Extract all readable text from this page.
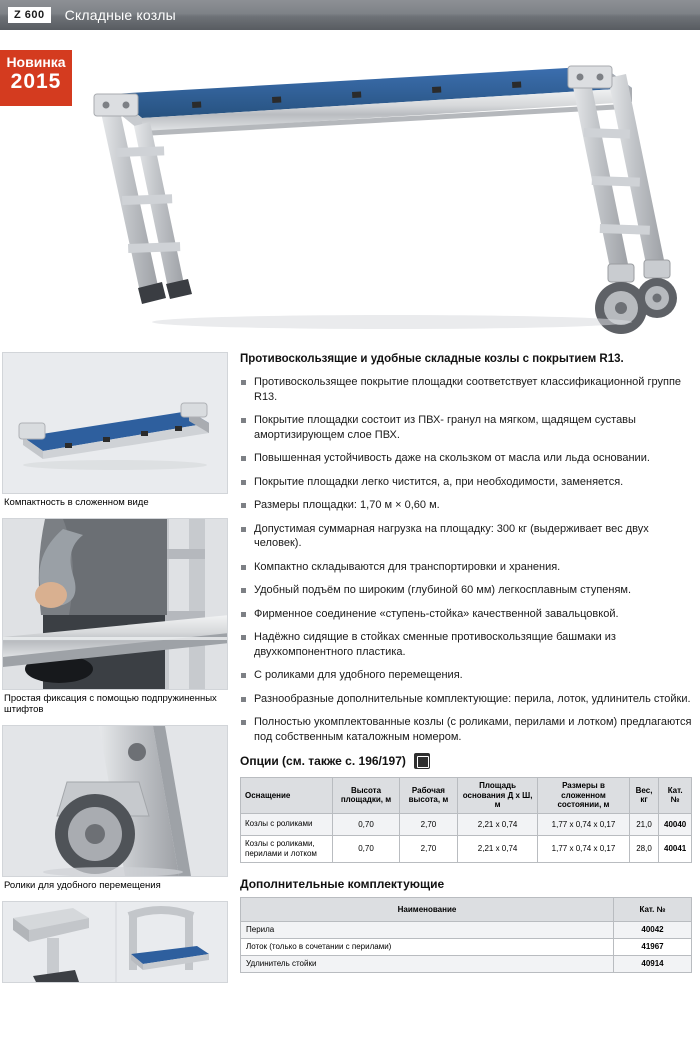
Z 600	Складные козлы
Новинка
2015
Компактность в сложенном виде
Простая фиксация с помощью подпружиненных штифтов
Ролики для удобного перемещения
Противоскользящие и удобные складные козлы с покрытием R13.
Противоскользящее покрытие площадки соответствует классификационной группе R13.
Покрытие площадки состоит из ПВХ- гранул на мягком, щадящем суставы амортизирующем слое ПВХ.
Повышенная устойчивость даже на скользком от масла или льда основании.
Покрытие площадки легко чистится, а, при необходимости, заменяется.
Размеры площадки: 1,70 м × 0,60 м.
Допустимая суммарная нагрузка на площадку: 300 кг (выдерживает вес двух человек).
Компактно складываются для транспортировки и хранения.
Удобный подъём по широким (глубиной 60 мм) легкосплавным ступеням.
Фирменное соединение «ступень-стойка» качественной завальцовкой.
Надёжно сидящие в стойках сменные противоскользящие башмаки из двухкомпонентного пластика.
С роликами для удобного перемещения.
Разнообразные дополнительные комплектующие: перила, лоток, удлинитель стойки.
Полностью укомплектованные козлы (с роликами, перилами и лотком) предлагаются под собственным каталожным номером.
Опции (см. также с. 196/197)
Оснащение	Высота площадки, м	Рабочая высота, м	Площадь основания Д х Ш, м	Размеры в сложенном состоянии, м	Вес, кг	Кат. №
Козлы с роликами	0,70	2,70	2,21 х 0,74	1,77 х 0,74 х 0,17	21,0	40040
Козлы с роликами, перилами и лотком	0,70	2,70	2,21 х 0,74	1,77 х 0,74 х 0,17	28,0	40041
Дополнительные комплектующие
Наименование	Кат. №
Перила	40042
Лоток (только в сочетании с перилами)	41967
Удлинитель стойки	40914
